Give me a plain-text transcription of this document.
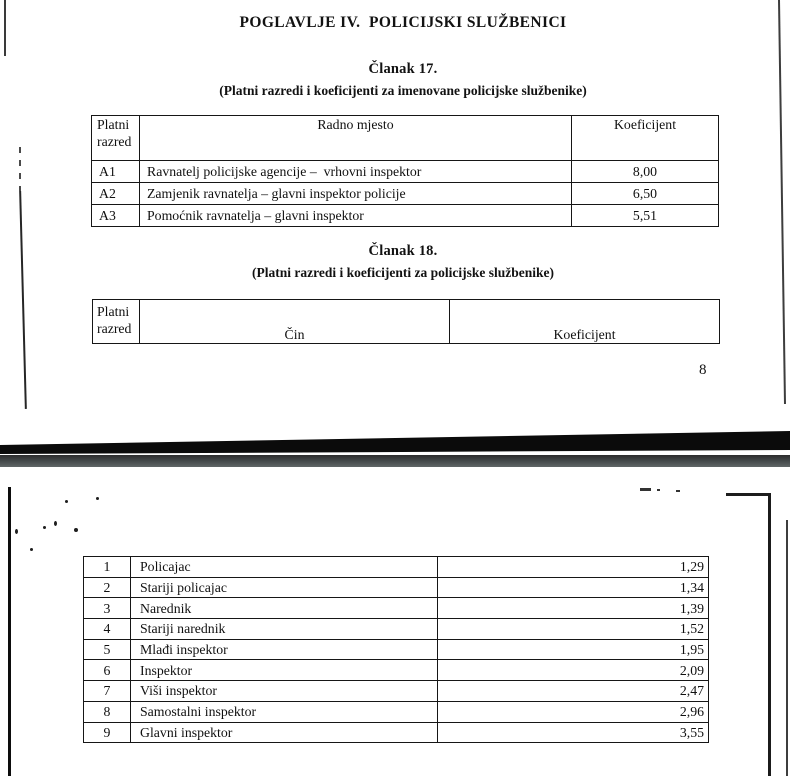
POGLAVLJE IV.  POLICIJSKI SLUŽBENICI
Članak 17.
(Platni razredi i koeficijenti za imenovane policijske službenike)
Platni
razred	Radno mjesto	Koeficijent
A1	Ravnatelj policijske agencije –  vrhovni inspektor	8,00
A2	Zamjenik ravnatelja – glavni inspektor policije	6,50
A3	Pomoćnik ravnatelja – glavni inspektor	5,51
Članak 18.
(Platni razredi i koeficijenti za policijske službenike)
Platni
razred	Čin	Koeficijent
8
1	Policajac	1,29
2	Stariji policajac	1,34
3	Narednik	1,39
4	Stariji narednik	1,52
5	Mlađi inspektor	1,95
6	Inspektor	2,09
7	Viši inspektor	2,47
8	Samostalni inspektor	2,96
9	Glavni inspektor	3,55
